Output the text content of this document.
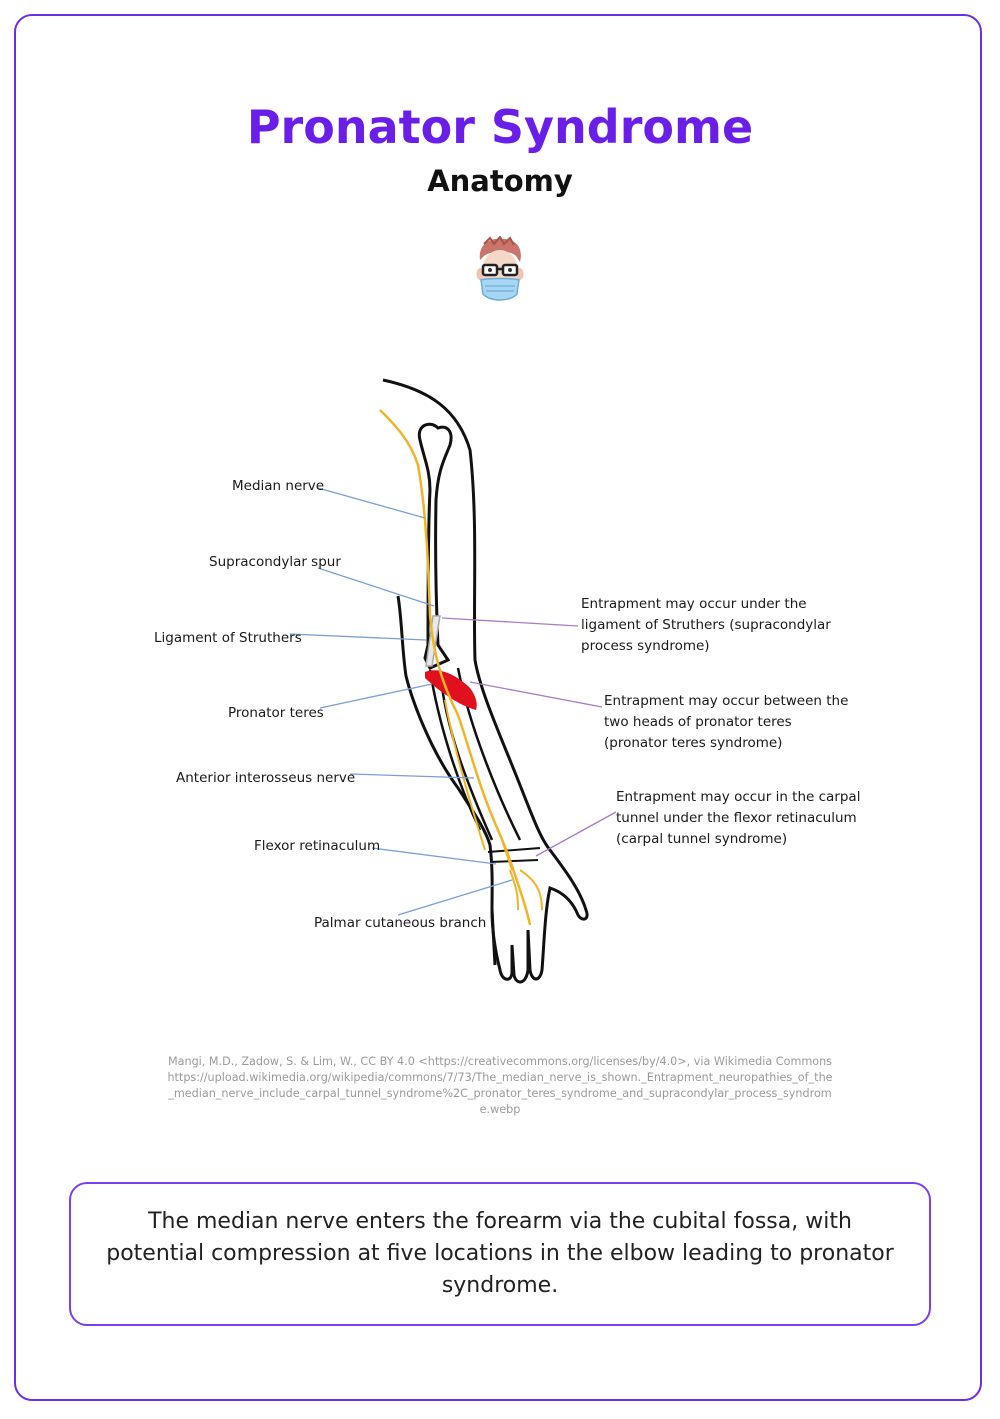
Pronator Syndrome
Anatomy
Median nerve
Supracondylar spur
Ligament of Struthers
Pronator teres
Anterior interosseus nerve
Flexor retinaculum
Palmar cutaneous branch
Entrapment may occur under the
ligament of Struthers (supracondylar
process syndrome)
Entrapment may occur between the
two heads of pronator teres
(pronator teres syndrome)
Entrapment may occur in the carpal
tunnel under the flexor retinaculum
(carpal tunnel syndrome)
Mangi, M.D., Zadow, S. & Lim, W., CC BY 4.0 <https://creativecommons.org/licenses/by/4.0>, via Wikimedia Commonshttps://upload.wikimedia.org/wikipedia/commons/7/73/The_median_nerve_is_shown._Entrapment_neuropathies_of_the_median_nerve_include_carpal_tunnel_syndrome%2C_pronator_teres_syndrome_and_supracondylar_process_syndrome.webp
The median nerve enters the forearm via the cubital fossa, with potential compression at five locations in the elbow leading to pronator syndrome.
